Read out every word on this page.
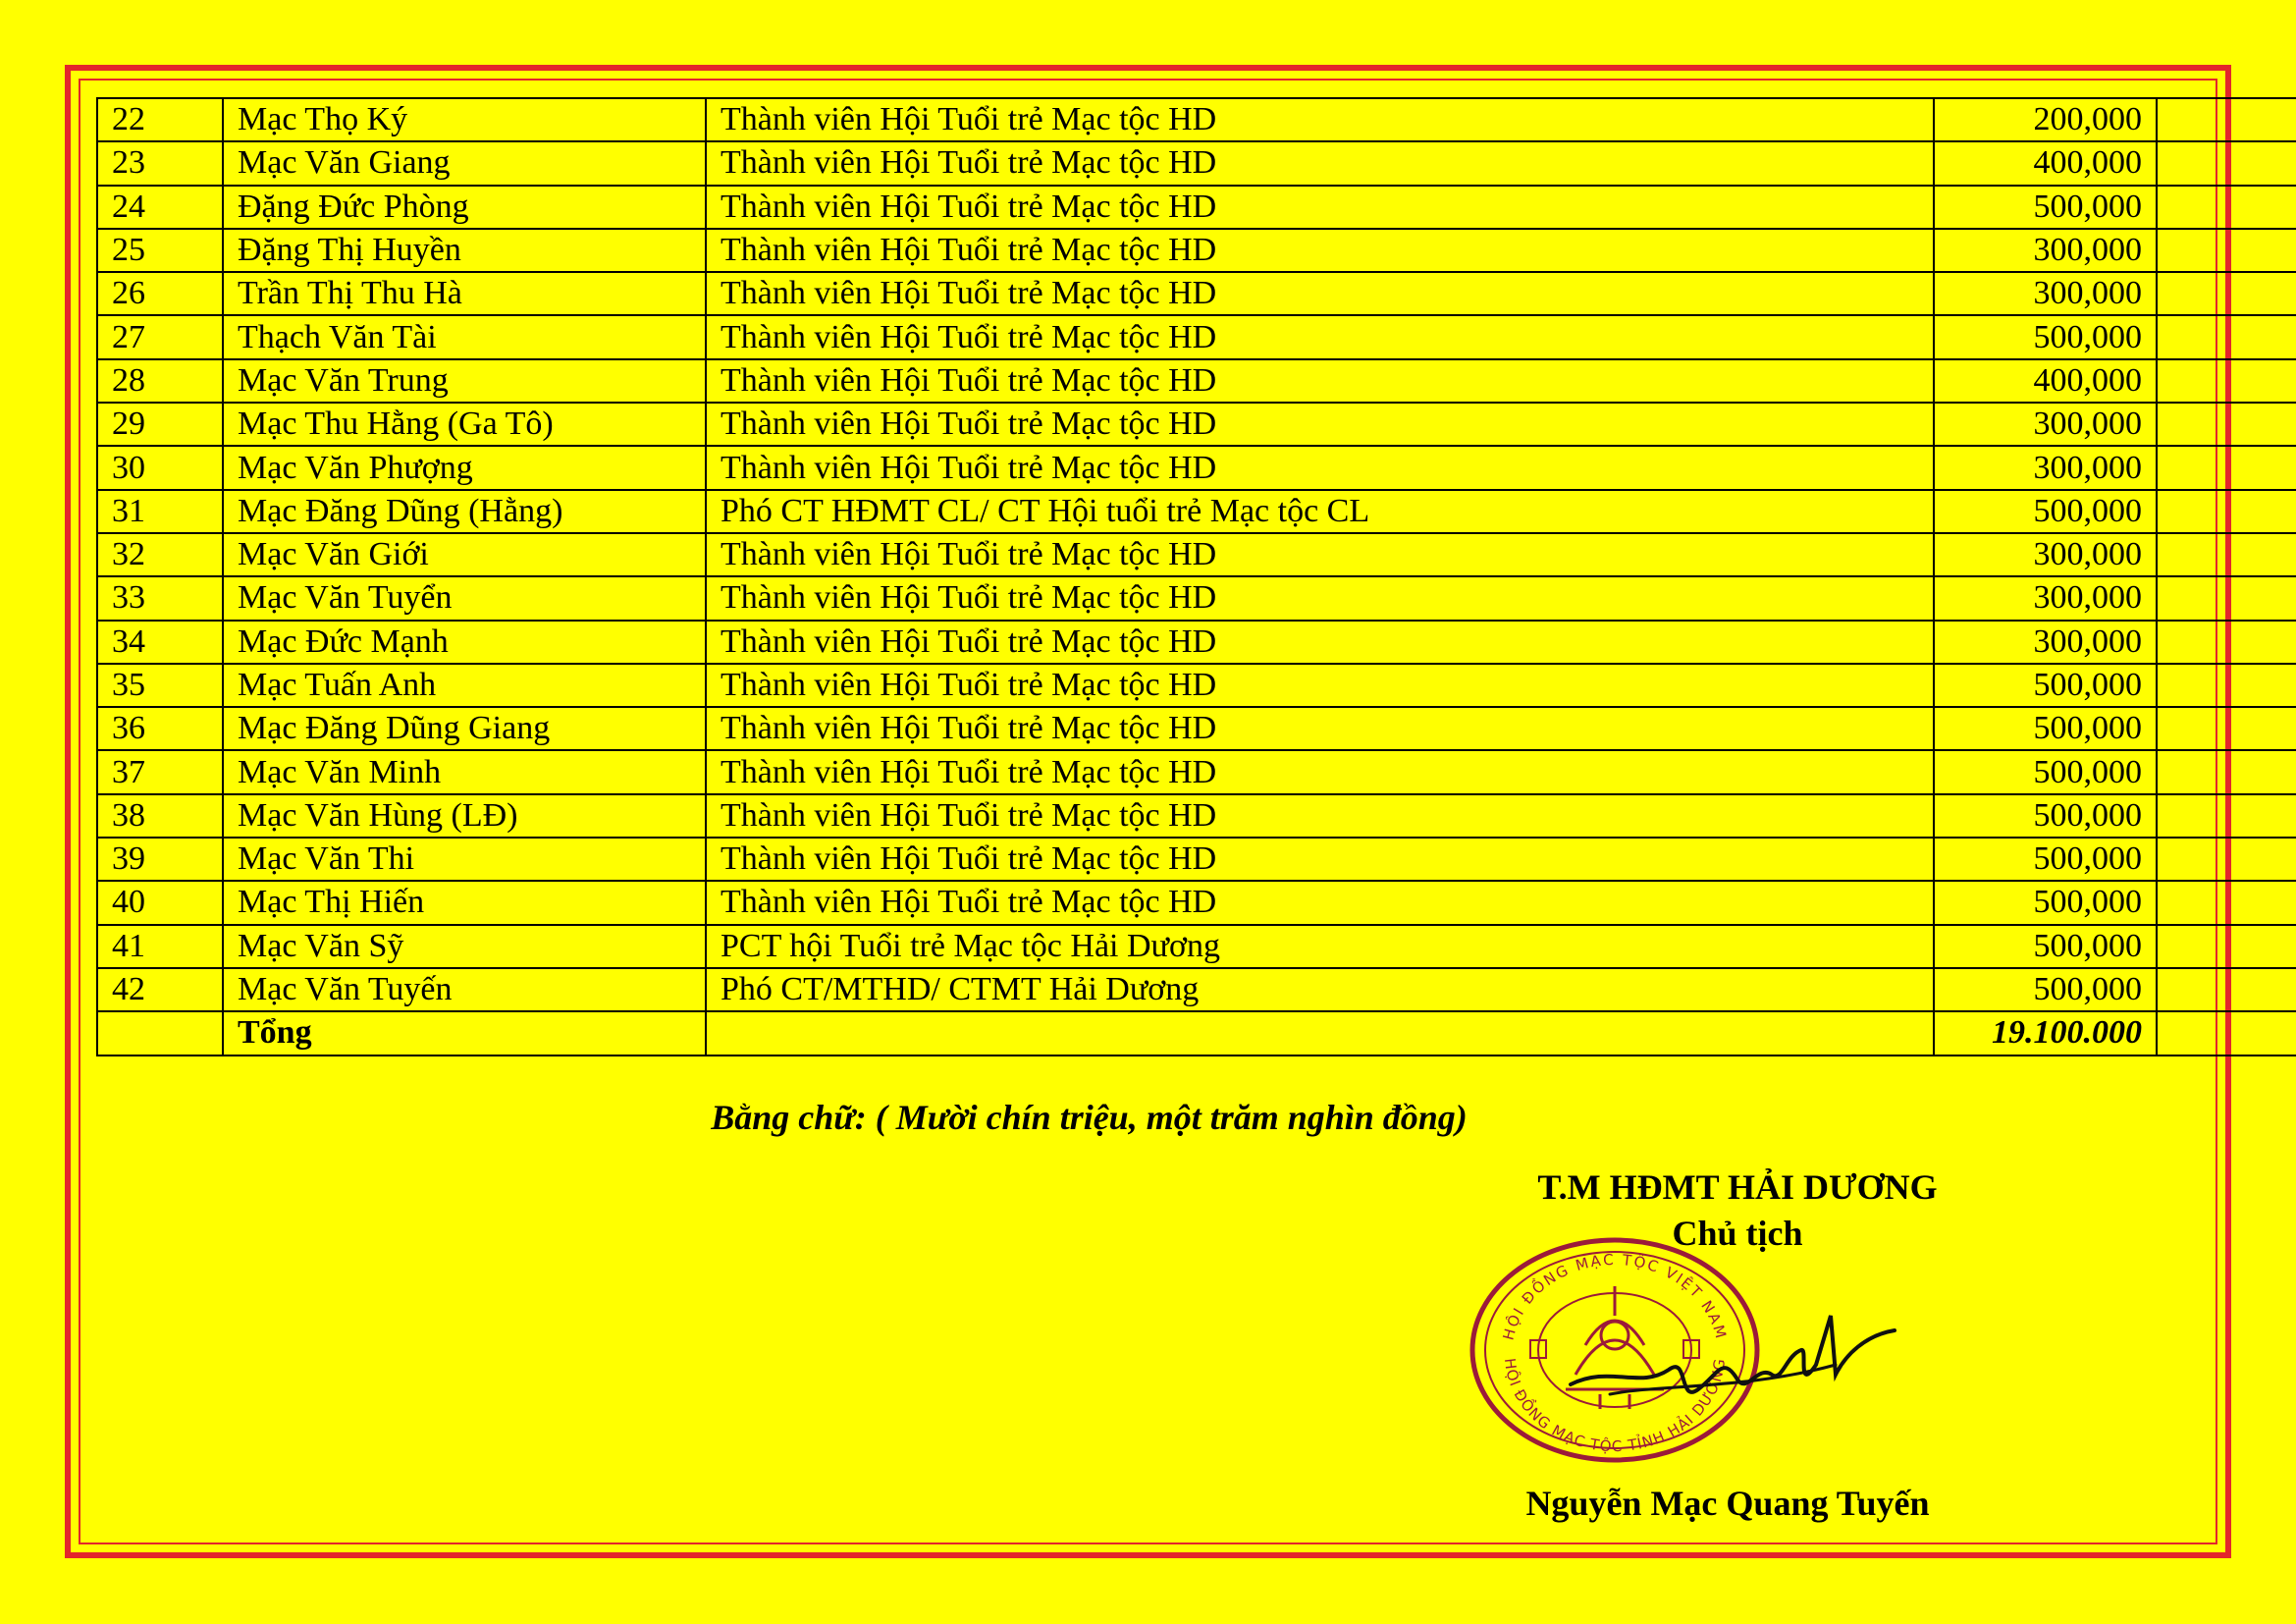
22	Mạc Thọ Ký	Thành viên Hội Tuổi trẻ Mạc tộc HD	200,000	
23	Mạc Văn Giang	Thành viên Hội Tuổi trẻ Mạc tộc HD	400,000	
24	Đặng Đức Phòng	Thành viên Hội Tuổi trẻ Mạc tộc HD	500,000	
25	Đặng Thị Huyền	Thành viên Hội Tuổi trẻ Mạc tộc HD	300,000	
26	Trần Thị Thu Hà	Thành viên Hội Tuổi trẻ Mạc tộc HD	300,000	
27	Thạch Văn Tài	Thành viên Hội Tuổi trẻ Mạc tộc HD	500,000	
28	Mạc Văn Trung	Thành viên Hội Tuổi trẻ Mạc tộc HD	400,000	
29	Mạc Thu Hằng (Ga Tô)	Thành viên Hội Tuổi trẻ Mạc tộc HD	300,000	
30	Mạc Văn Phượng	Thành viên Hội Tuổi trẻ Mạc tộc HD	300,000	
31	Mạc Đăng Dũng (Hằng)	Phó CT HĐMT CL/ CT Hội tuổi trẻ Mạc tộc CL	500,000	
32	Mạc Văn Giới	Thành viên Hội Tuổi trẻ Mạc tộc HD	300,000	
33	Mạc Văn Tuyển	Thành viên Hội Tuổi trẻ Mạc tộc HD	300,000	
34	Mạc Đức Mạnh	Thành viên Hội Tuổi trẻ Mạc tộc HD	300,000	
35	Mạc Tuấn Anh	Thành viên Hội Tuổi trẻ Mạc tộc HD	500,000	
36	Mạc Đăng Dũng Giang	Thành viên Hội Tuổi trẻ Mạc tộc HD	500,000	
37	Mạc Văn Minh	Thành viên Hội Tuổi trẻ Mạc tộc HD	500,000	
38	Mạc Văn Hùng (LĐ)	Thành viên Hội Tuổi trẻ Mạc tộc HD	500,000	
39	Mạc Văn Thi	Thành viên Hội Tuổi trẻ Mạc tộc HD	500,000	
40	Mạc Thị Hiến	Thành viên Hội Tuổi trẻ Mạc tộc HD	500,000	
41	Mạc Văn Sỹ	PCT hội Tuổi trẻ Mạc tộc Hải Dương	500,000	
42	Mạc Văn Tuyến	Phó CT/MTHD/ CTMT Hải Dương	500,000	
	Tổng		19.100.000	
Bằng chữ: ( Mười chín triệu, một trăm nghìn đồng)
T.M HĐMT HẢI DƯƠNG
Chủ tịch
HỘI ĐỒNG MẠC TỘC VIỆT NAM
HỘI ĐỒNG MẠC TỘC TỈNH HẢI DƯƠNG
Nguyễn Mạc Quang Tuyến
